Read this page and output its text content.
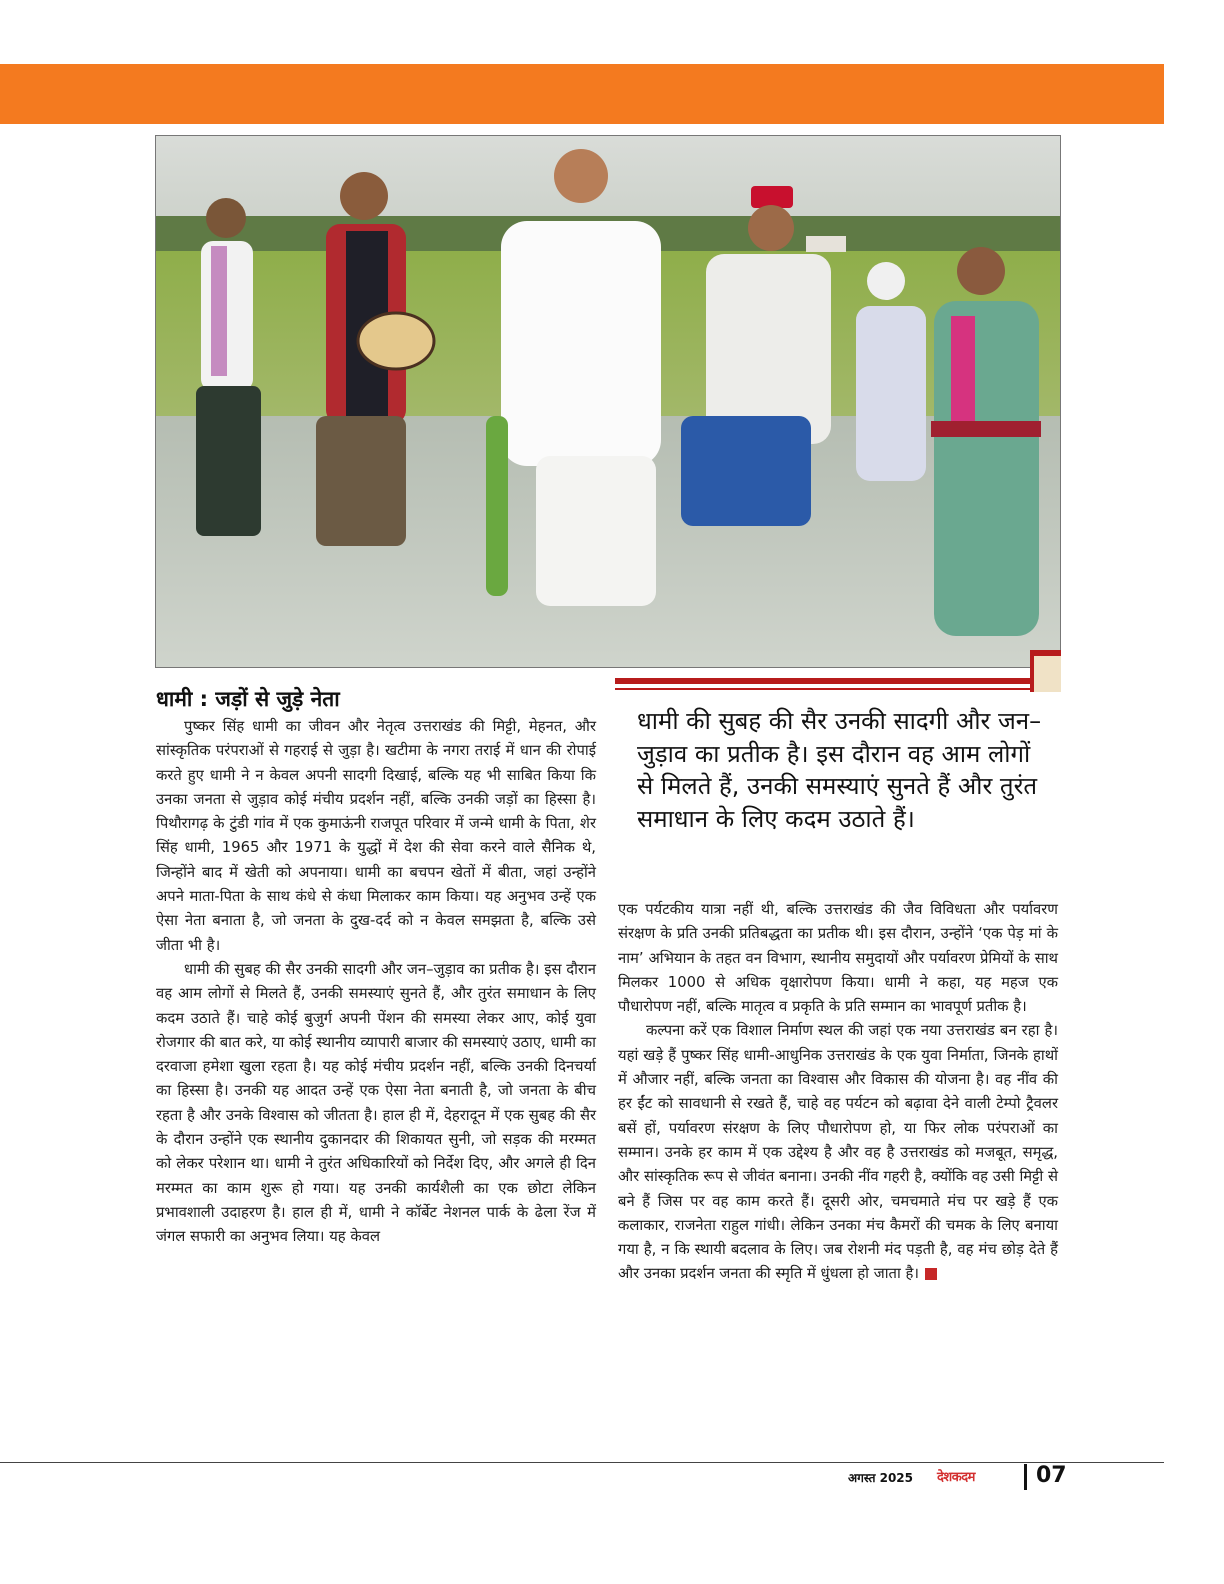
धामी : जड़ों से जुड़े नेता

धामी की सुबह की सैर उनकी सादगी और जन–जुड़ाव का प्रतीक है। इस दौरान वह आम लोगों से मिलते हैं, उनकी समस्याएं सुनते हैं और तुरंत समाधान के लिए कदम उठाते हैं।

पुष्कर सिंह धामी का जीवन और नेतृत्व उत्तराखंड की मिट्टी, मेहनत, और सांस्कृतिक परंपराओं से गहराई से जुड़ा है। खटीमा के नगरा तराई में धान की रोपाई करते हुए धामी ने न केवल अपनी सादगी दिखाई, बल्कि यह भी साबित किया कि उनका जनता से जुड़ाव कोई मंचीय प्रदर्शन नहीं, बल्कि उनकी जड़ों का हिस्सा है। पिथौरागढ़ के टुंडी गांव में एक कुमाऊंनी राजपूत परिवार में जन्मे धामी के पिता, शेर सिंह धामी, 1965 और 1971 के युद्धों में देश की सेवा करने वाले सैनिक थे, जिन्होंने बाद में खेती को अपनाया। धामी का बचपन खेतों में बीता, जहां उन्होंने अपने माता-पिता के साथ कंधे से कंधा मिलाकर काम किया। यह अनुभव उन्हें एक ऐसा नेता बनाता है, जो जनता के दुख-दर्द को न केवल समझता है, बल्कि उसे जीता भी है।

धामी की सुबह की सैर उनकी सादगी और जन–जुड़ाव का प्रतीक है। इस दौरान वह आम लोगों से मिलते हैं, उनकी समस्याएं सुनते हैं, और तुरंत समाधान के लिए कदम उठाते हैं। चाहे कोई बुजुर्ग अपनी पेंशन की समस्या लेकर आए, कोई युवा रोजगार की बात करे, या कोई स्थानीय व्यापारी बाजार की समस्याएं उठाए, धामी का दरवाजा हमेशा खुला रहता है। यह कोई मंचीय प्रदर्शन नहीं, बल्कि उनकी दिनचर्या का हिस्सा है। उनकी यह आदत उन्हें एक ऐसा नेता बनाती है, जो जनता के बीच रहता है और उनके विश्वास को जीतता है। हाल ही में, देहरादून में एक सुबह की सैर के दौरान उन्होंने एक स्थानीय दुकानदार की शिकायत सुनी, जो सड़क की मरम्मत को लेकर परेशान था। धामी ने तुरंत अधिकारियों को निर्देश दिए, और अगले ही दिन मरम्मत का काम शुरू हो गया। यह उनकी कार्यशैली का एक छोटा लेकिन प्रभावशाली उदाहरण है। हाल ही में, धामी ने कॉर्बेट नेशनल पार्क के ढेला रेंज में जंगल सफारी का अनुभव लिया। यह केवल

एक पर्यटकीय यात्रा नहीं थी, बल्कि उत्तराखंड की जैव विविधता और पर्यावरण संरक्षण के प्रति उनकी प्रतिबद्धता का प्रतीक थी। इस दौरान, उन्होंने ‘एक पेड़ मां के नाम’ अभियान के तहत वन विभाग, स्थानीय समुदायों और पर्यावरण प्रेमियों के साथ मिलकर 1000 से अधिक वृक्षारोपण किया। धामी ने कहा, यह महज एक पौधारोपण नहीं, बल्कि मातृत्व व प्रकृति के प्रति सम्मान का भावपूर्ण प्रतीक है।

कल्पना करें एक विशाल निर्माण स्थल की जहां एक नया उत्तराखंड बन रहा है। यहां खड़े हैं पुष्कर सिंह धामी-आधुनिक उत्तराखंड के एक युवा निर्माता, जिनके हाथों में औजार नहीं, बल्कि जनता का विश्वास और विकास की योजना है। वह नींव की हर ईंट को सावधानी से रखते हैं, चाहे वह पर्यटन को बढ़ावा देने वाली टेम्पो ट्रैवलर बसें हों, पर्यावरण संरक्षण के लिए पौधारोपण हो, या फिर लोक परंपराओं का सम्मान। उनके हर काम में एक उद्देश्य है और वह है उत्तराखंड को मजबूत, समृद्ध, और सांस्कृतिक रूप से जीवंत बनाना। उनकी नींव गहरी है, क्योंकि वह उसी मिट्टी से बने हैं जिस पर वह काम करते हैं। दूसरी ओर, चमचमाते मंच पर खड़े हैं एक कलाकार, राजनेता राहुल गांधी। लेकिन उनका मंच कैमरों की चमक के लिए बनाया गया है, न कि स्थायी बदलाव के लिए। जब रोशनी मंद पड़ती है, वह मंच छोड़ देते हैं और उनका प्रदर्शन जनता की स्मृति में धुंधला हो जाता है।

अगस्त 2025 देशकदम	07
